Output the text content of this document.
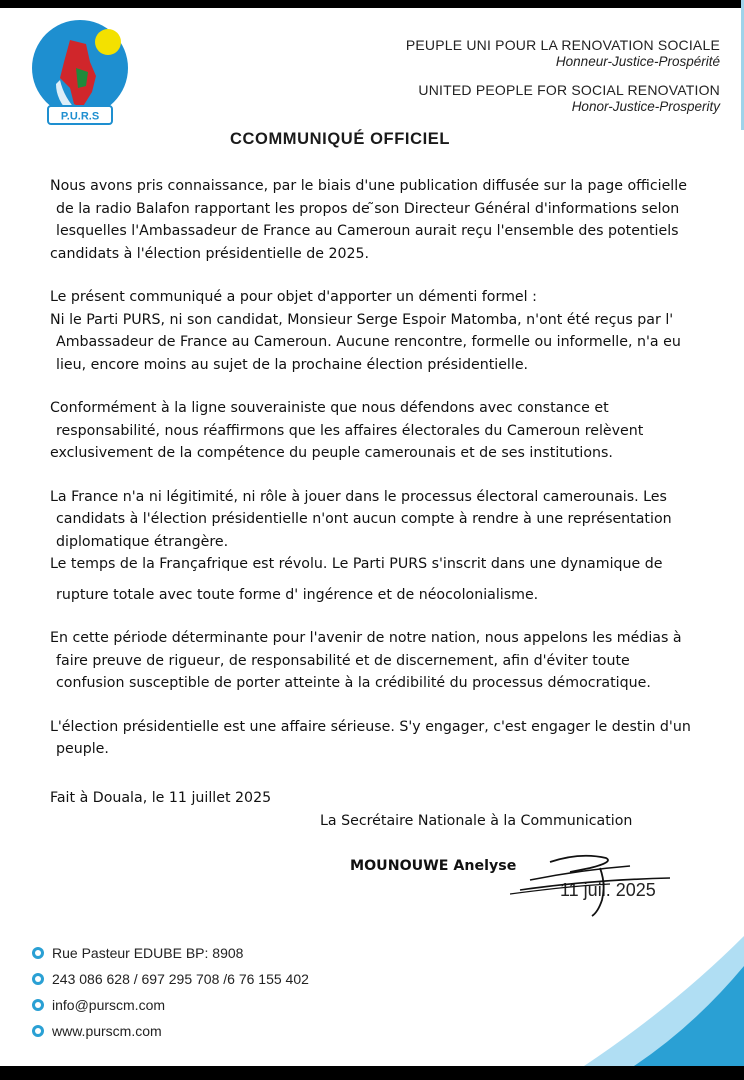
P.U.R.S
PEUPLE UNI POUR LA RENOVATION SOCIALE
Honneur-Justice-Prospérité
UNITED PEOPLE FOR SOCIAL RENOVATION
Honor-Justice-Prosperity
CCOMMUNIQUÉ OFFICIEL

Nous avons pris connaissance, par le biais d'une publication diffusée sur la page officielle
de la radio Balafon rapportant les propos de ̃son Directeur Général d'informations selon
lesquelles l'Ambassadeur de France au Cameroun aurait reçu l'ensemble des potentiels
candidats à l'élection présidentielle de 2025.

Le présent communiqué a pour objet d'apporter un démenti formel :
Ni le Parti PURS, ni son candidat, Monsieur Serge Espoir Matomba, n'ont été reçus par l'
Ambassadeur de France au Cameroun. Aucune rencontre, formelle ou informelle, n'a eu
lieu, encore moins au sujet de la prochaine élection présidentielle.

Conformément à la ligne souverainiste que nous défendons avec constance et
responsabilité, nous réaffirmons que les affaires électorales du Cameroun relèvent
exclusivement de la compétence du peuple camerounais et de ses institutions.

La France n'a ni légitimité, ni rôle à jouer dans le processus électoral camerounais. Les
candidats à l'élection présidentielle n'ont aucun compte à rendre à une représentation
diplomatique étrangère.
Le temps de la Françafrique est révolu. Le Parti PURS s'inscrit dans une dynamique de
rupture totale avec toute forme d' ingérence et de néocolonialisme.

En cette période déterminante pour l'avenir de notre nation, nous appelons les médias à
faire preuve de rigueur, de responsabilité et de discernement, afin d'éviter toute
confusion susceptible de porter atteinte à la crédibilité du processus démocratique.

L'élection présidentielle est une affaire sérieuse. S'y engager, c'est engager le destin d'un
peuple.

Fait à Douala, le 11 juillet 2025
La Secrétaire Nationale à la Communication
MOUNOUWE Anelyse
11 juil. 2025
Rue Pasteur EDUBE BP: 8908
243 086 628 / 697 295 708 /6 76 155 402
info@purscm.com
www.purscm.com
